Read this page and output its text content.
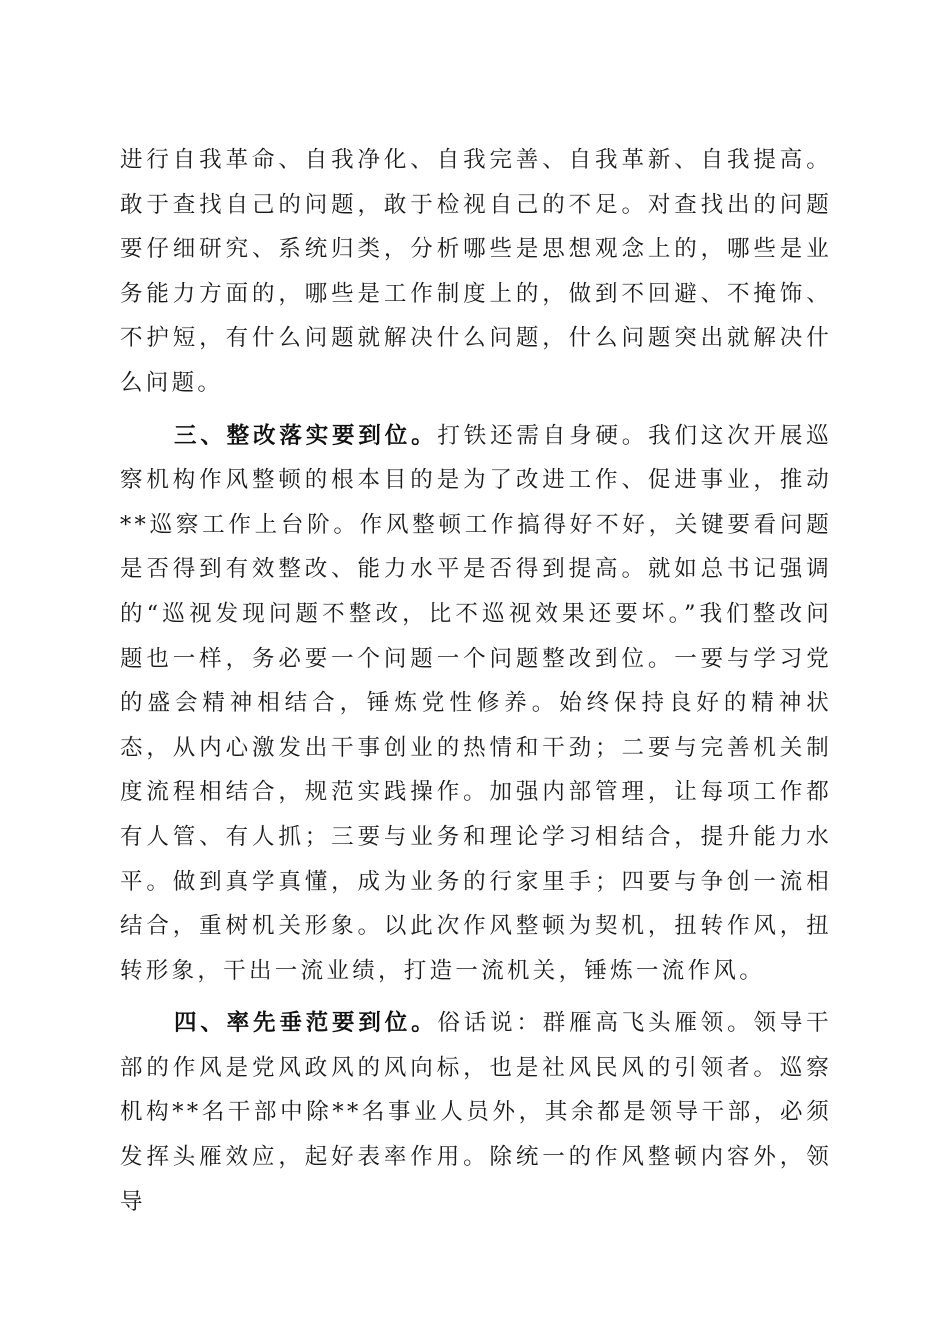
进行自我革命、自我净化、自我完善、自我革新、自我提高。敢于查找自己的问题，敢于检视自己的不足。对查找出的问题要仔细研究、系统归类，分析哪些是思想观念上的，哪些是业务能力方面的，哪些是工作制度上的，做到不回避、不掩饰、不护短，有什么问题就解决什么问题，什么问题突出就解决什么问题。

三、整改落实要到位。打铁还需自身硬。我们这次开展巡察机构作风整顿的根本目的是为了改进工作、促进事业，推动**巡察工作上台阶。作风整顿工作搞得好不好，关键要看问题是否得到有效整改、能力水平是否得到提高。就如总书记强调的“巡视发现问题不整改，比不巡视效果还要坏。”我们整改问题也一样，务必要一个问题一个问题整改到位。一要与学习党的盛会精神相结合，锤炼党性修养。始终保持良好的精神状态，从内心激发出干事创业的热情和干劲；二要与完善机关制度流程相结合，规范实践操作。加强内部管理，让每项工作都有人管、有人抓；三要与业务和理论学习相结合，提升能力水平。做到真学真懂，成为业务的行家里手；四要与争创一流相结合，重树机关形象。以此次作风整顿为契机，扭转作风，扭转形象，干出一流业绩，打造一流机关，锤炼一流作风。

四、率先垂范要到位。俗话说：群雁高飞头雁领。领导干部的作风是党风政风的风向标，也是社风民风的引领者。巡察机构**名干部中除**名事业人员外，其余都是领导干部，必须发挥头雁效应，起好表率作用。除统一的作风整顿内容外，领导
